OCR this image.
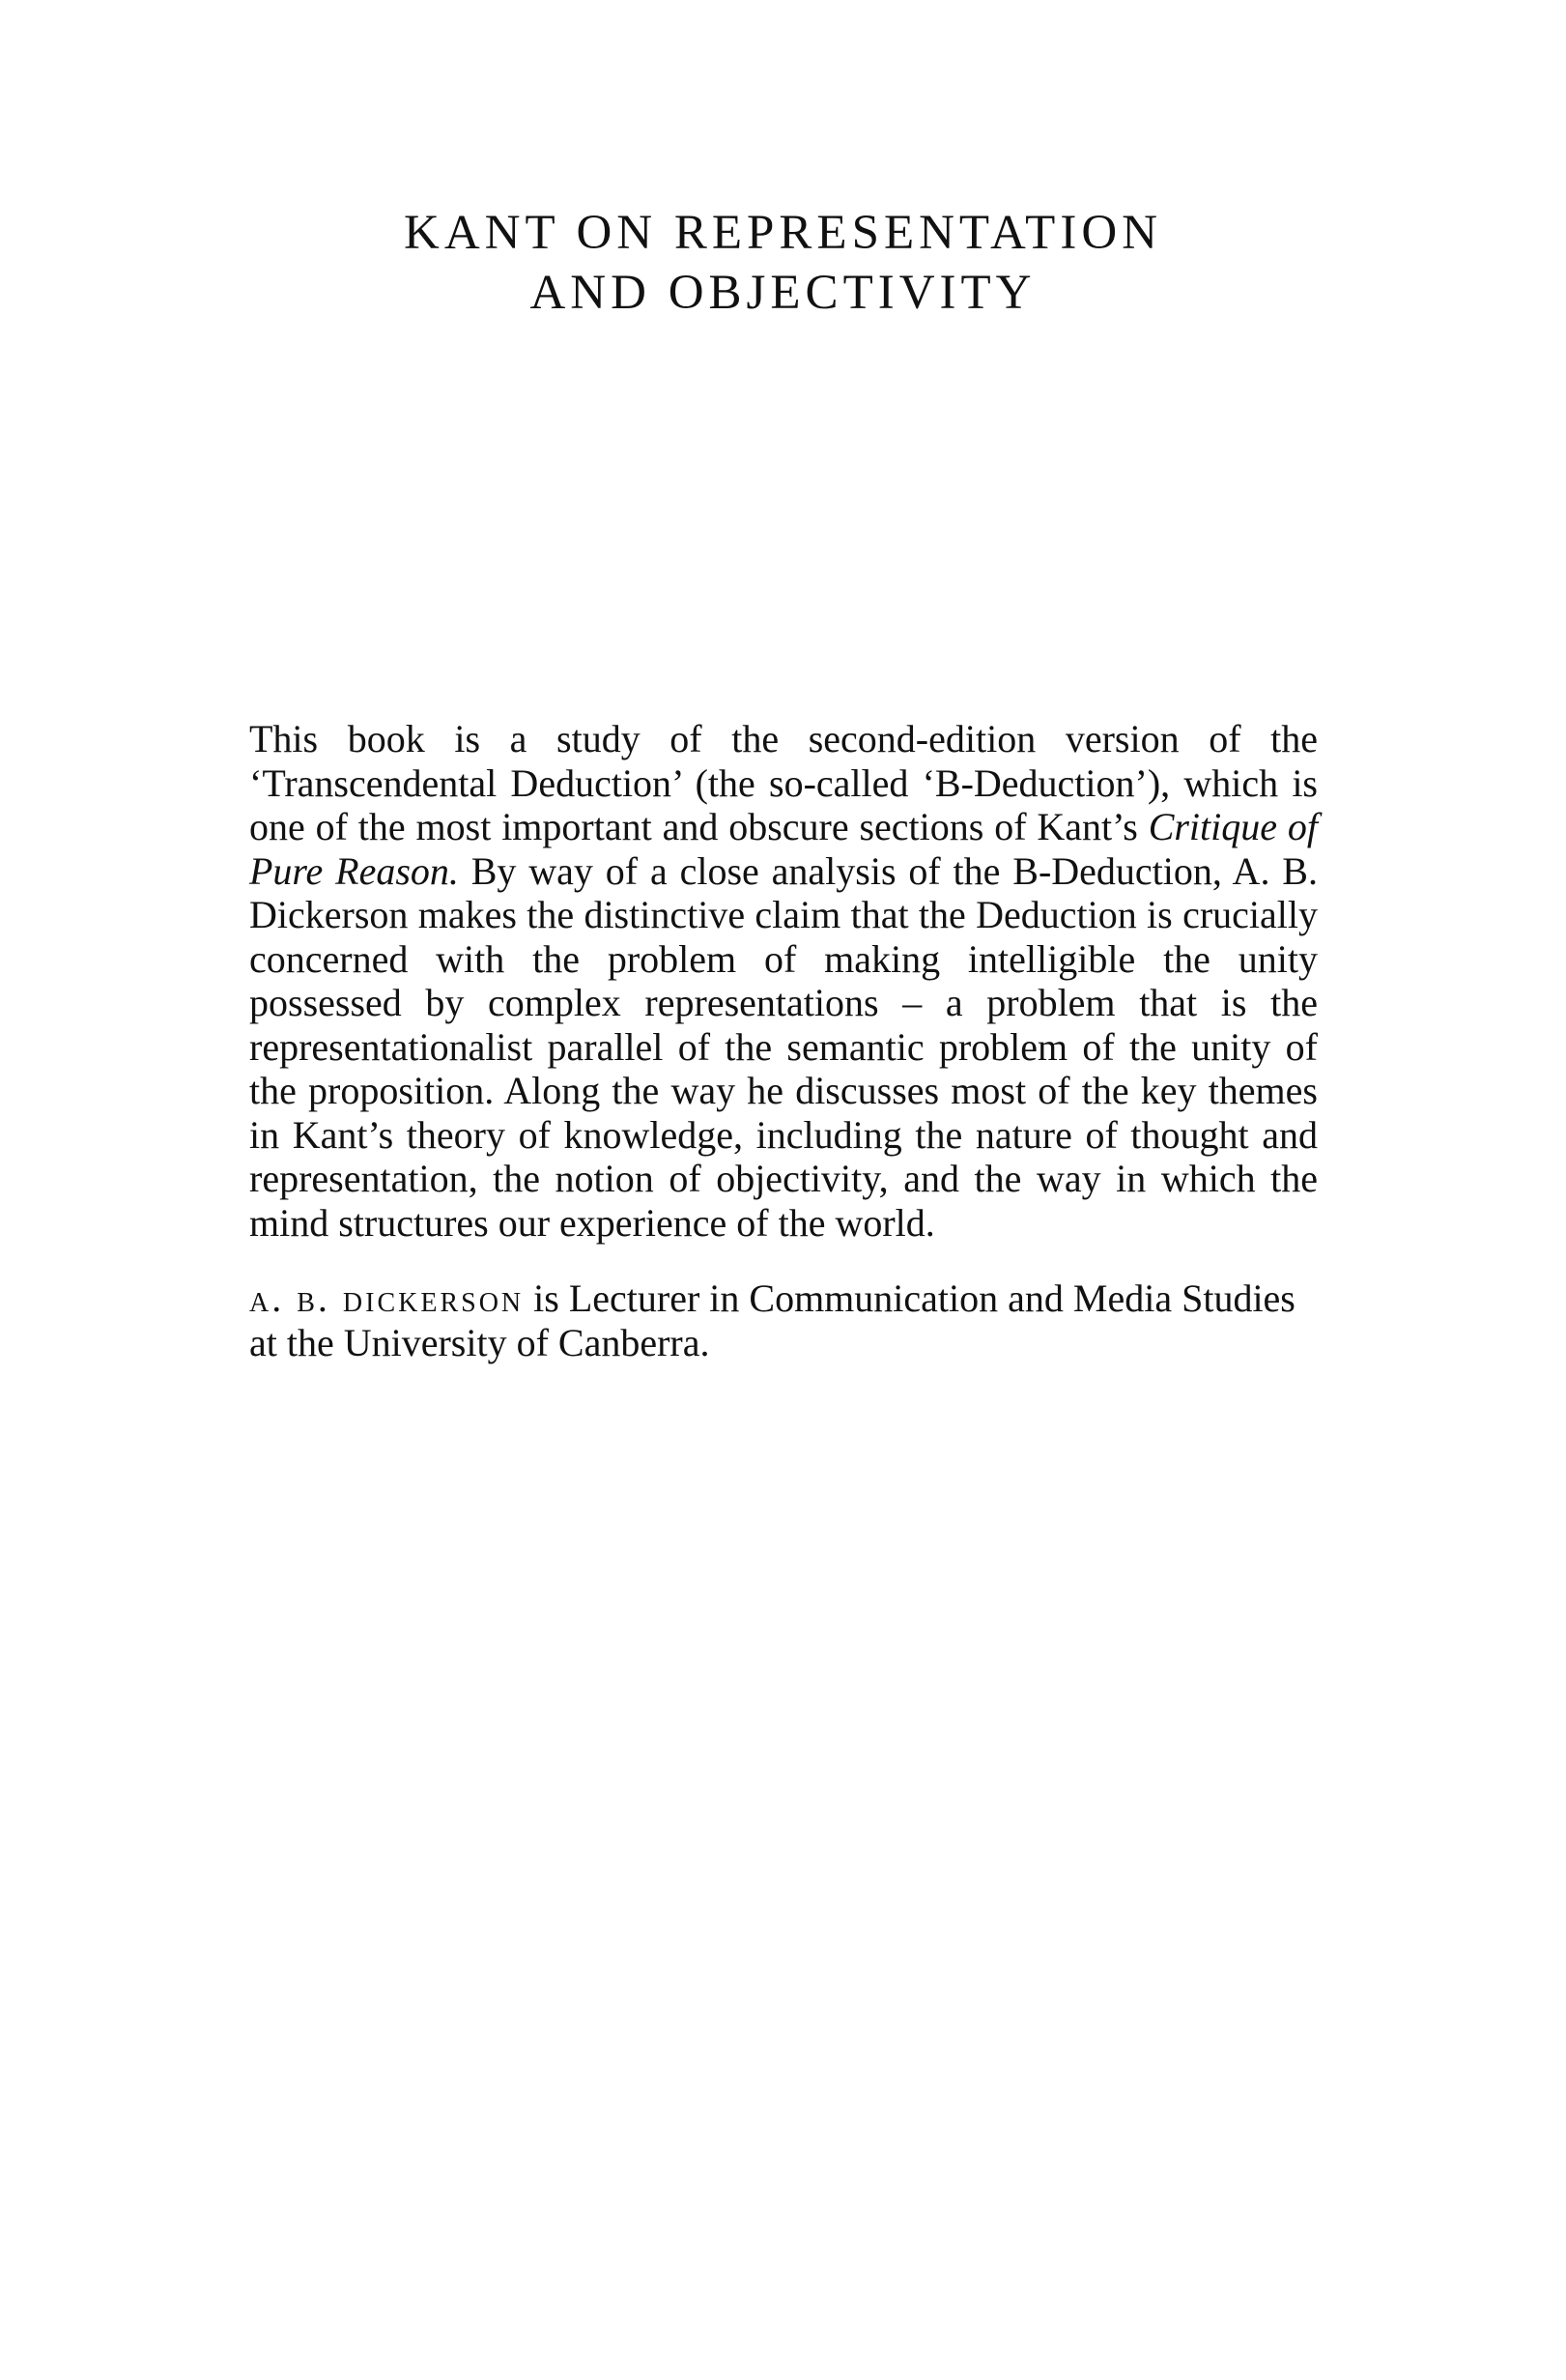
KANT ON REPRESENTATION

AND OBJECTIVITY

This book is a study of the second-edition version of the ‘Transcendental Deduction’ (the so-called ‘B-Deduction’), which is one of the most important and obscure sections of Kant’s Critique of Pure Reason. By way of a close analysis of the B-Deduction, A. B. Dickerson makes the distinctive claim that the Deduction is crucially concerned with the problem of making intelligible the unity possessed by complex representations – a problem that is the representationalist parallel of the semantic problem of the unity of the proposition. Along the way he discusses most of the key themes in Kant’s theory of knowledge, including the nature of thought and representation, the notion of objectivity, and the way in which the mind structures our experience of the world.

a. b. dickerson is Lecturer in Communication and Media Studies at the University of Canberra.
